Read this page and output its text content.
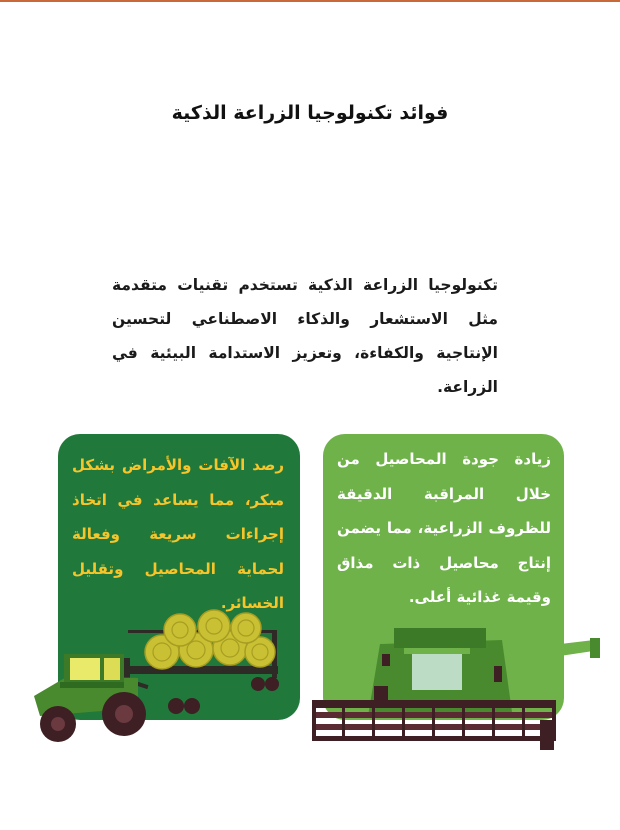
فوائد تكنولوجيا الزراعة الذكية
تكنولوجيا الزراعة الذكية تستخدم تقنيات متقدمة مثل الاستشعار والذكاء الاصطناعي لتحسين الإنتاجية والكفاءة، وتعزيز الاستدامة البيئية في الزراعة.
رصد الآفات والأمراض بشكل مبكر، مما يساعد في اتخاذ إجراءات سريعة وفعالة لحماية المحاصيل وتقليل الخسائر.
زيادة جودة المحاصيل من خلال المراقبة الدقيقة للظروف الزراعية، مما يضمن إنتاج محاصيل ذات مذاق وقيمة غذائية أعلى.
